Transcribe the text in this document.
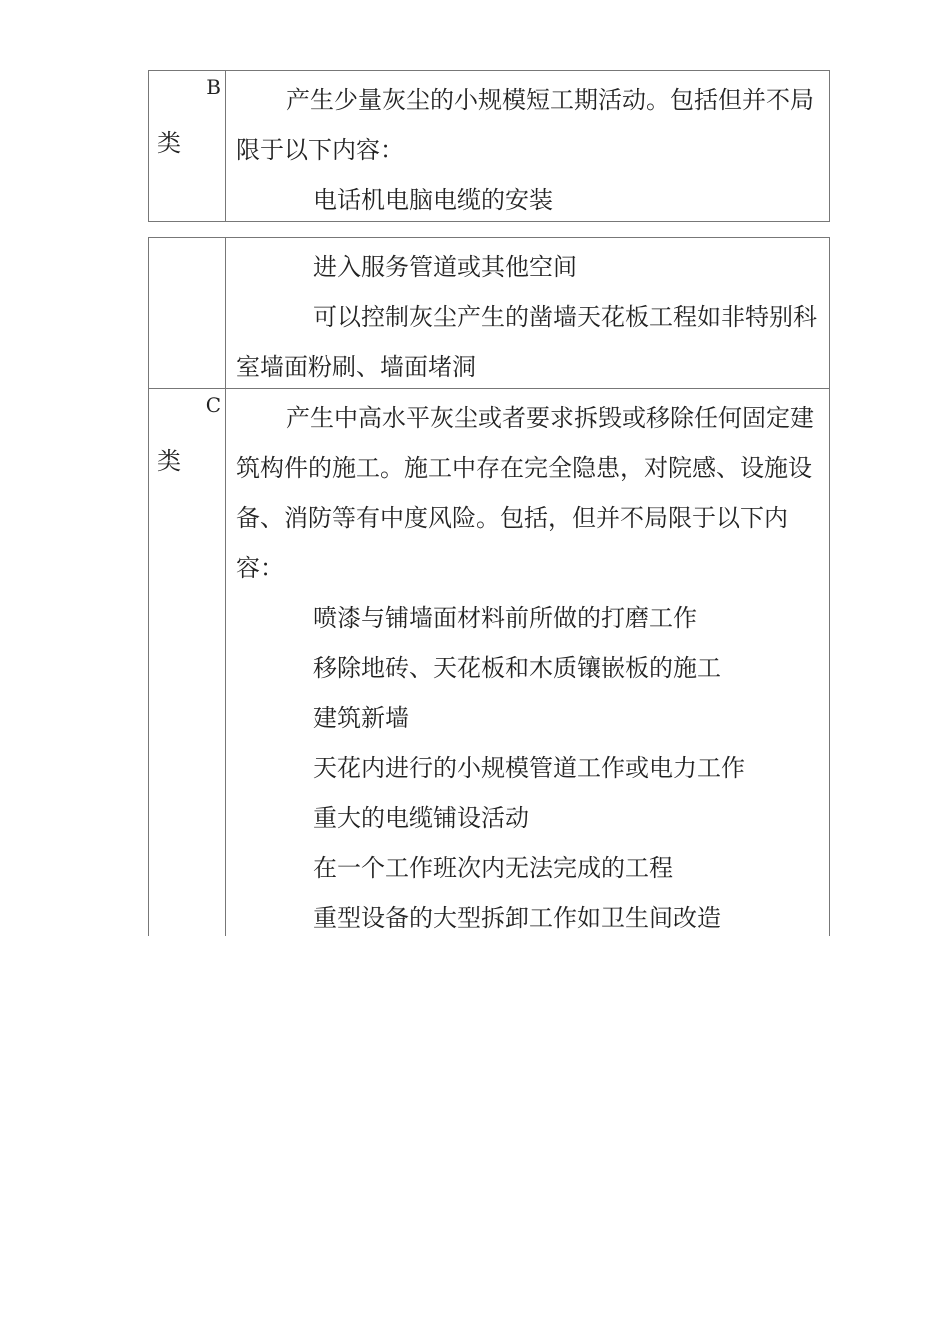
B
类

产生少量灰尘的小规模短工期活动。包括但并不局限于以下内容：

电话机电脑电缆的安装

进入服务管道或其他空间

可以控制灰尘产生的凿墙天花板工程如非特别科室墙面粉刷、墙面堵洞

C
类

产生中高水平灰尘或者要求拆毁或移除任何固定建筑构件的施工。施工中存在完全隐患，对院感、设施设备、消防等有中度风险。包括，但并不局限于以下内容：

喷漆与铺墙面材料前所做的打磨工作

移除地砖、天花板和木质镶嵌板的施工

建筑新墙

天花内进行的小规模管道工作或电力工作

重大的电缆铺设活动

在一个工作班次内无法完成的工程

重型设备的大型拆卸工作如卫生间改造
